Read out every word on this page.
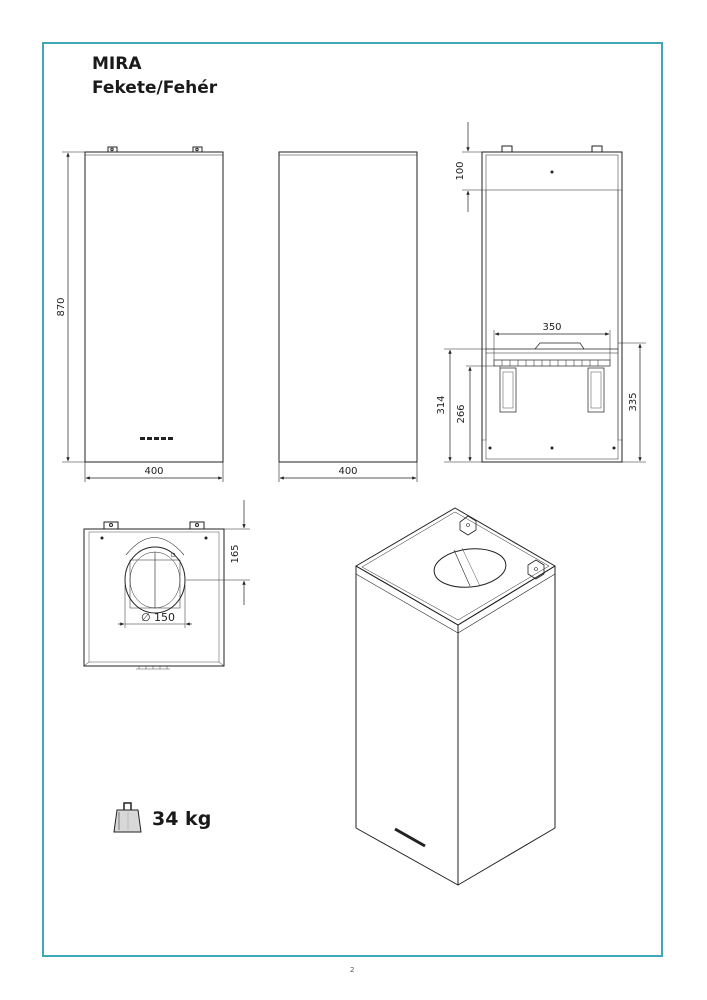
MIRA
Fekete/Fehér
870
400	400
100
350
314 266
335
∅ 150
165
34 kg
2
